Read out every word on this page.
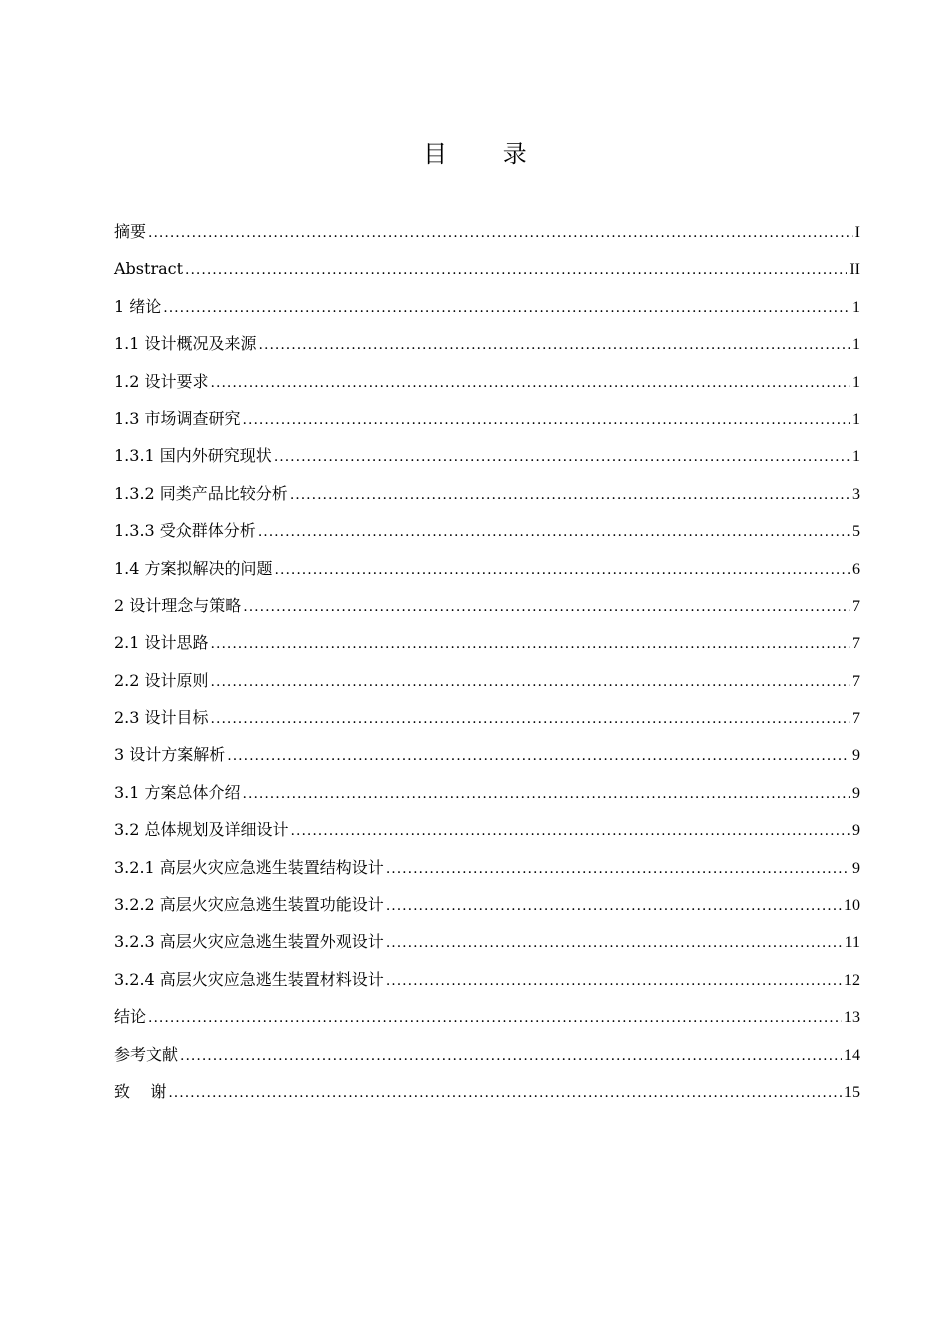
目 录
摘要 .....	I
Abstract .....	II
1 绪论 .....	1
1.1 设计概况及来源 .....	1
1.2 设计要求 .....	1
1.3 市场调查研究 .....	1
1.3.1 国内外研究现状 .....	1
1.3.2 同类产品比较分析 .....	3
1.3.3 受众群体分析 .....	5
1.4 方案拟解决的问题 .....	6
2 设计理念与策略 .....	7
2.1 设计思路 .....	7
2.2 设计原则 .....	7
2.3 设计目标 .....	7
3 设计方案解析 .....	9
3.1 方案总体介绍 .....	9
3.2 总体规划及详细设计 .....	9
3.2.1 高层火灾应急逃生装置结构设计 .....	9
3.2.2 高层火灾应急逃生装置功能设计 .....	10
3.2.3 高层火灾应急逃生装置外观设计 .....	11
3.2.4 高层火灾应急逃生装置材料设计 .....	12
结论 .....	13
参考文献 .....	14
致    谢 .....	15
